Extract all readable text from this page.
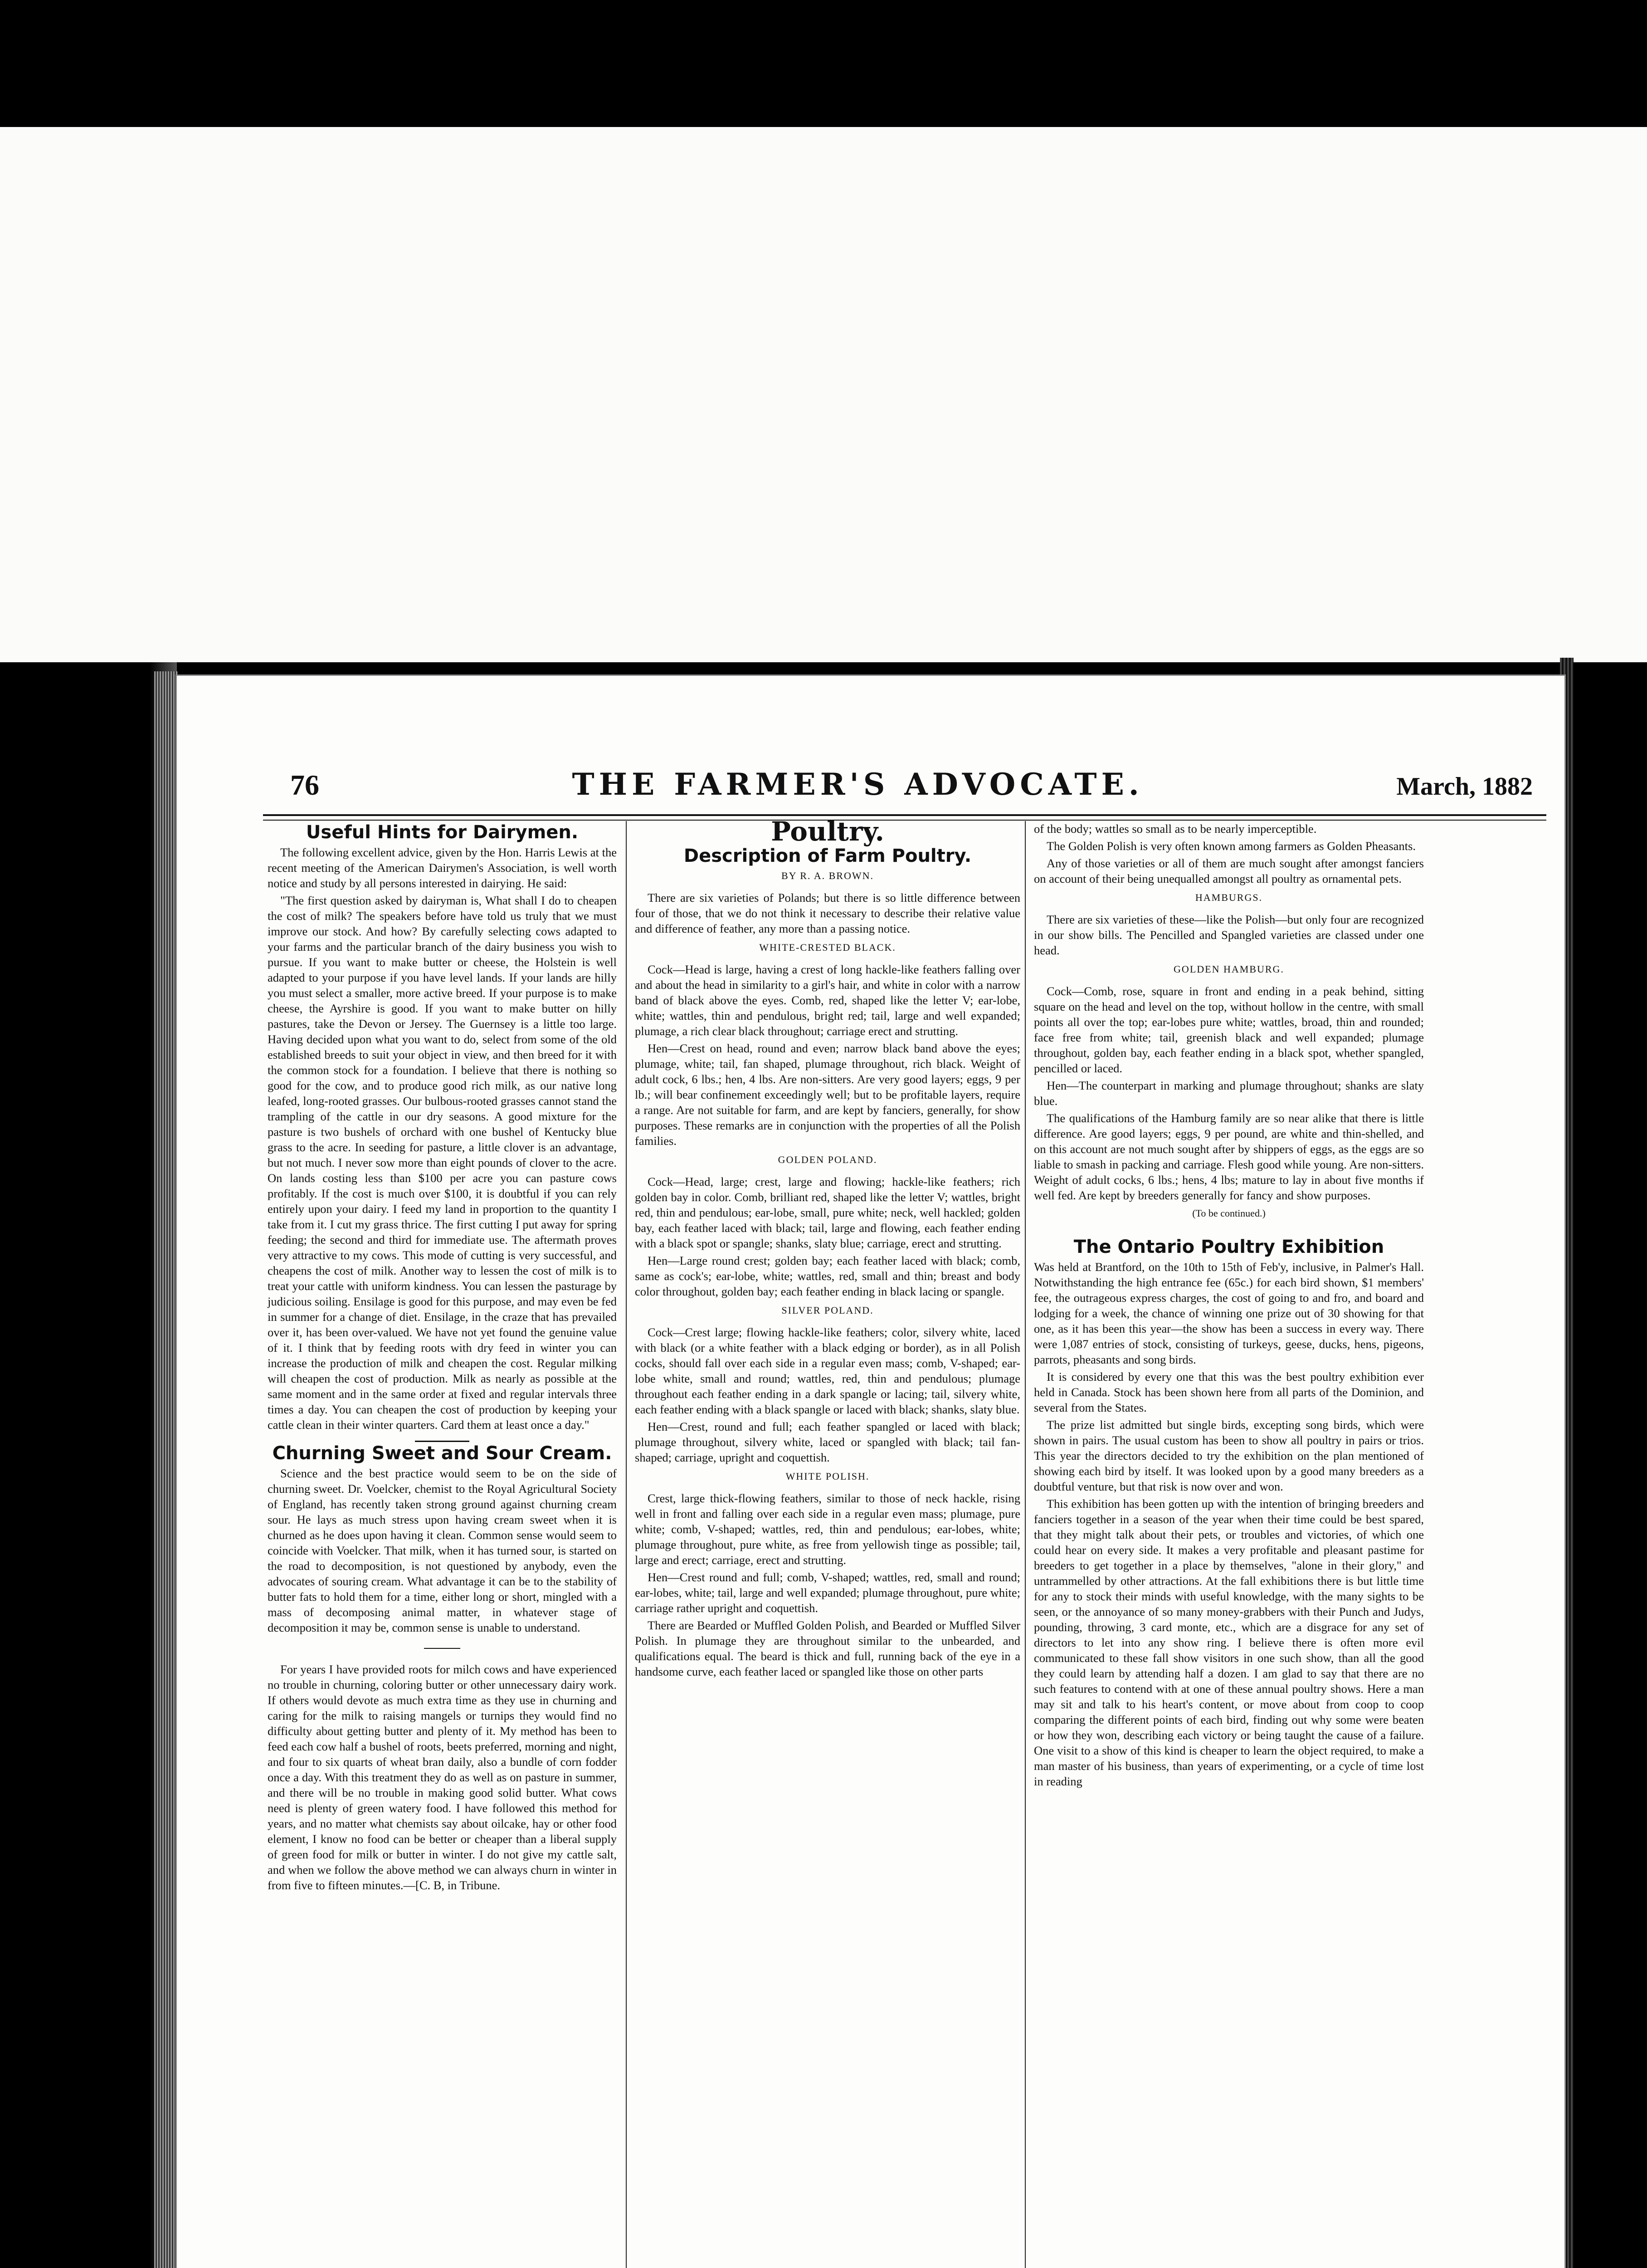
76	THE FARMER'S ADVOCATE.	March, 1882
Useful Hints for Dairymen.

The following excellent advice, given by the Hon. Harris Lewis at the recent meeting of the American Dairymen's Association, is well worth notice and study by all persons interested in dairying. He said:

"The first question asked by dairyman is, What shall I do to cheapen the cost of milk? The speakers before have told us truly that we must improve our stock. And how? By carefully selecting cows adapted to your farms and the particular branch of the dairy business you wish to pursue. If you want to make butter or cheese, the Holstein is well adapted to your purpose if you have level lands. If your lands are hilly you must select a smaller, more active breed. If your purpose is to make cheese, the Ayrshire is good. If you want to make butter on hilly pastures, take the Devon or Jersey. The Guernsey is a little too large. Having decided upon what you want to do, select from some of the old established breeds to suit your object in view, and then breed for it with the common stock for a foundation. I believe that there is nothing so good for the cow, and to produce good rich milk, as our native long leafed, long-rooted grasses. Our bulbous-rooted grasses cannot stand the trampling of the cattle in our dry seasons. A good mixture for the pasture is two bushels of orchard with one bushel of Kentucky blue grass to the acre. In seeding for pasture, a little clover is an advantage, but not much. I never sow more than eight pounds of clover to the acre. On lands costing less than $100 per acre you can pasture cows profitably. If the cost is much over $100, it is doubtful if you can rely entirely upon your dairy. I feed my land in proportion to the quantity I take from it. I cut my grass thrice. The first cutting I put away for spring feeding; the second and third for immediate use. The aftermath proves very attractive to my cows. This mode of cutting is very successful, and cheapens the cost of milk. Another way to lessen the cost of milk is to treat your cattle with uniform kindness. You can lessen the pasturage by judicious soiling. Ensilage is good for this purpose, and may even be fed in summer for a change of diet. Ensilage, in the craze that has prevailed over it, has been over-valued. We have not yet found the genuine value of it. I think that by feeding roots with dry feed in winter you can increase the production of milk and cheapen the cost. Regular milking will cheapen the cost of production. Milk as nearly as possible at the same moment and in the same order at fixed and regular intervals three times a day. You can cheapen the cost of production by keeping your cattle clean in their winter quarters. Card them at least once a day."

Churning Sweet and Sour Cream.

Science and the best practice would seem to be on the side of churning sweet. Dr. Voelcker, chemist to the Royal Agricultural Society of England, has recently taken strong ground against churning cream sour. He lays as much stress upon having cream sweet when it is churned as he does upon having it clean. Common sense would seem to coincide with Voelcker. That milk, when it has turned sour, is started on the road to decomposition, is not questioned by anybody, even the advocates of souring cream. What advantage it can be to the stability of butter fats to hold them for a time, either long or short, mingled with a mass of decomposing animal matter, in whatever stage of decomposition it may be, common sense is unable to understand.

For years I have provided roots for milch cows and have experienced no trouble in churning, coloring butter or other unnecessary dairy work. If others would devote as much extra time as they use in churning and caring for the milk to raising mangels or turnips they would find no difficulty about getting butter and plenty of it. My method has been to feed each cow half a bushel of roots, beets preferred, morning and night, and four to six quarts of wheat bran daily, also a bundle of corn fodder once a day. With this treatment they do as well as on pasture in summer, and there will be no trouble in making good solid butter. What cows need is plenty of green watery food. I have followed this method for years, and no matter what chemists say about oilcake, hay or other food element, I know no food can be better or cheaper than a liberal supply of green food for milk or butter in winter. I do not give my cattle salt, and when we follow the above method we can always churn in winter in from five to fifteen minutes.—[C. B, in Tribune.

Poultry.
Description of Farm Poultry.
BY R. A. BROWN.

There are six varieties of Polands; but there is so little difference between four of those, that we do not think it necessary to describe their relative value and difference of feather, any more than a passing notice.

WHITE-CRESTED BLACK.

Cock—Head is large, having a crest of long hackle-like feathers falling over and about the head in similarity to a girl's hair, and white in color with a narrow band of black above the eyes. Comb, red, shaped like the letter V; ear-lobe, white; wattles, thin and pendulous, bright red; tail, large and well expanded; plumage, a rich clear black throughout; carriage erect and strutting.

Hen—Crest on head, round and even; narrow black band above the eyes; plumage, white; tail, fan shaped, plumage throughout, rich black. Weight of adult cock, 6 lbs.; hen, 4 lbs. Are non-sitters. Are very good layers; eggs, 9 per lb.; will bear confinement exceedingly well; but to be profitable layers, require a range. Are not suitable for farm, and are kept by fanciers, generally, for show purposes. These remarks are in conjunction with the properties of all the Polish families.

GOLDEN POLAND.

Cock—Head, large; crest, large and flowing; hackle-like feathers; rich golden bay in color. Comb, brilliant red, shaped like the letter V; wattles, bright red, thin and pendulous; ear-lobe, small, pure white; neck, well hackled; golden bay, each feather laced with black; tail, large and flowing, each feather ending with a black spot or spangle; shanks, slaty blue; carriage, erect and strutting.

Hen—Large round crest; golden bay; each feather laced with black; comb, same as cock's; ear-lobe, white; wattles, red, small and thin; breast and body color throughout, golden bay; each feather ending in black lacing or spangle.

SILVER POLAND.

Cock—Crest large; flowing hackle-like feathers; color, silvery white, laced with black (or a white feather with a black edging or border), as in all Polish cocks, should fall over each side in a regular even mass; comb, V-shaped; ear-lobe white, small and round; wattles, red, thin and pendulous; plumage throughout each feather ending in a dark spangle or lacing; tail, silvery white, each feather ending with a black spangle or laced with black; shanks, slaty blue.

Hen—Crest, round and full; each feather spangled or laced with black; plumage throughout, silvery white, laced or spangled with black; tail fan-shaped; carriage, upright and coquettish.

WHITE POLISH.

Crest, large thick-flowing feathers, similar to those of neck hackle, rising well in front and falling over each side in a regular even mass; plumage, pure white; comb, V-shaped; wattles, red, thin and pendulous; ear-lobes, white; plumage throughout, pure white, as free from yellowish tinge as possible; tail, large and erect; carriage, erect and strutting.

Hen—Crest round and full; comb, V-shaped; wattles, red, small and round; ear-lobes, white; tail, large and well expanded; plumage throughout, pure white; carriage rather upright and coquettish.

There are Bearded or Muffled Golden Polish, and Bearded or Muffled Silver Polish. In plumage they are throughout similar to the unbearded, and qualifications equal. The beard is thick and full, running back of the eye in a handsome curve, each feather laced or spangled like those on other parts

of the body; wattles so small as to be nearly imperceptible.

The Golden Polish is very often known among farmers as Golden Pheasants.

Any of those varieties or all of them are much sought after amongst fanciers on account of their being unequalled amongst all poultry as ornamental pets.

HAMBURGS.

There are six varieties of these—like the Polish—but only four are recognized in our show bills. The Pencilled and Spangled varieties are classed under one head.

GOLDEN HAMBURG.

Cock—Comb, rose, square in front and ending in a peak behind, sitting square on the head and level on the top, without hollow in the centre, with small points all over the top; ear-lobes pure white; wattles, broad, thin and rounded; face free from white; tail, greenish black and well expanded; plumage throughout, golden bay, each feather ending in a black spot, whether spangled, pencilled or laced.

Hen—The counterpart in marking and plumage throughout; shanks are slaty blue.

The qualifications of the Hamburg family are so near alike that there is little difference. Are good layers; eggs, 9 per pound, are white and thin-shelled, and on this account are not much sought after by shippers of eggs, as the eggs are so liable to smash in packing and carriage. Flesh good while young. Are non-sitters. Weight of adult cocks, 6 lbs.; hens, 4 lbs; mature to lay in about five months if well fed. Are kept by breeders generally for fancy and show purposes.

(To be continued.)
The Ontario Poultry Exhibition

Was held at Brantford, on the 10th to 15th of Feb'y, inclusive, in Palmer's Hall. Notwithstanding the high entrance fee (65c.) for each bird shown, $1 members' fee, the outrageous express charges, the cost of going to and fro, and board and lodging for a week, the chance of winning one prize out of 30 showing for that one, as it has been this year—the show has been a success in every way. There were 1,087 entries of stock, consisting of turkeys, geese, ducks, hens, pigeons, parrots, pheasants and song birds.

It is considered by every one that this was the best poultry exhibition ever held in Canada. Stock has been shown here from all parts of the Dominion, and several from the States.

The prize list admitted but single birds, excepting song birds, which were shown in pairs. The usual custom has been to show all poultry in pairs or trios. This year the directors decided to try the exhibition on the plan mentioned of showing each bird by itself. It was looked upon by a good many breeders as a doubtful venture, but that risk is now over and won.

This exhibition has been gotten up with the intention of bringing breeders and fanciers together in a season of the year when their time could be best spared, that they might talk about their pets, or troubles and victories, of which one could hear on every side. It makes a very profitable and pleasant pastime for breeders to get together in a place by themselves, "alone in their glory," and untrammelled by other attractions. At the fall exhibitions there is but little time for any to stock their minds with useful knowledge, with the many sights to be seen, or the annoyance of so many money-grabbers with their Punch and Judys, pounding, throwing, 3 card monte, etc., which are a disgrace for any set of directors to let into any show ring. I believe there is often more evil communicated to these fall show visitors in one such show, than all the good they could learn by attending half a dozen. I am glad to say that there are no such features to contend with at one of these annual poultry shows. Here a man may sit and talk to his heart's content, or move about from coop to coop comparing the different points of each bird, finding out why some were beaten or how they won, describing each victory or being taught the cause of a failure. One visit to a show of this kind is cheaper to learn the object required, to make a man master of his business, than years of experimenting, or a cycle of time lost in reading
